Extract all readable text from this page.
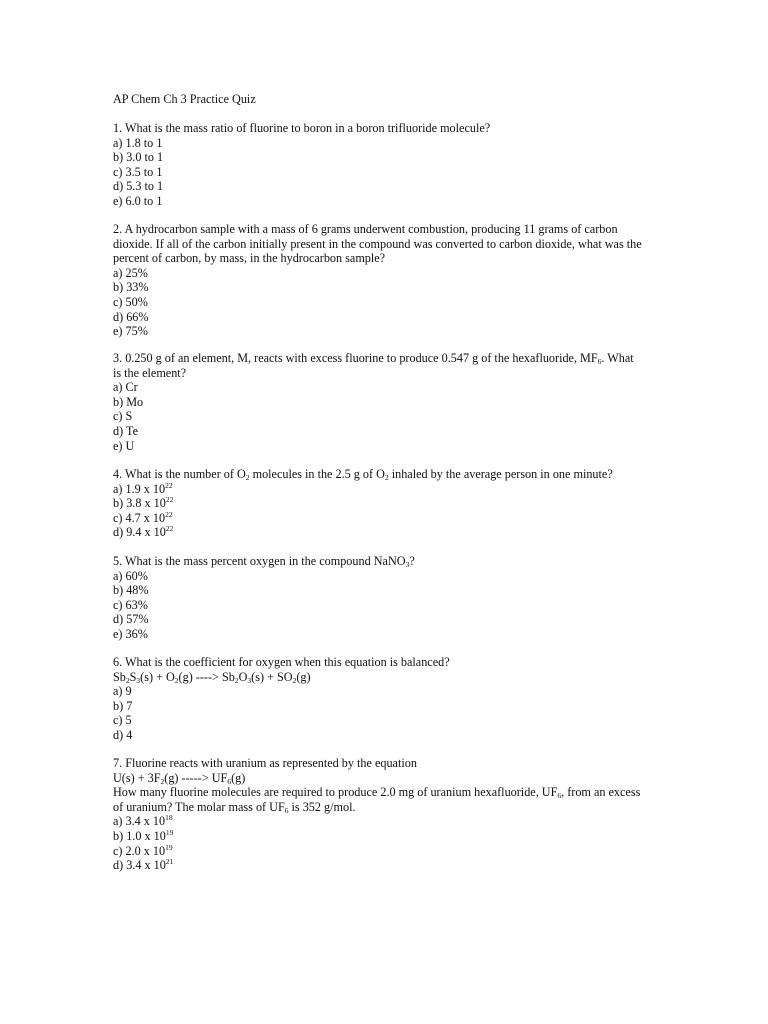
AP Chem Ch 3 Practice Quiz

1. What is the mass ratio of fluorine to boron in a boron trifluoride molecule?

a) 1.8 to 1
b) 3.0 to 1
c) 3.5 to 1
d) 5.3 to 1
e) 6.0 to 1

2. A hydrocarbon sample with a mass of 6 grams underwent combustion, producing 11 grams of carbon dioxide. If all of the carbon initially present in the compound was converted to carbon dioxide, what was the percent of carbon, by mass, in the hydrocarbon sample?

a) 25%
b) 33%
c) 50%
d) 66%
e) 75%

3. 0.250 g of an element, M, reacts with excess fluorine to produce 0.547 g of the hexafluoride, $MF_6$. What is the element?

a) Cr
b) Mo
c) S
d) Te
e) U

4. What is the number of $O_2$ molecules in the 2.5 g of $O_2$ inhaled by the average person in one minute?

a) 1.9 x $10^{22}$
b) 3.8 x $10^{22}$
c) 4.7 x $10^{22}$
d) 9.4 x $10^{22}$

5. What is the mass percent oxygen in the compound NaNO$_3$?

a) 60%
b) 48%
c) 63%
d) 57%
e) 36%

6. What is the coefficient for oxygen when this equation is balanced?

$Sb_2S_3(s) + O_2(g)$ ----> $Sb_2O_3(s) + SO_2(g)$

a) 9
b) 7
c) 5
d) 4

7. Fluorine reacts with uranium as represented by the equation

$U(s) + 3F_2(g)$ -----> $UF_6(g)$

How many fluorine molecules are required to produce 2.0 mg of uranium hexafluoride, $UF_6$, from an excess of uranium? The molar mass of $UF_6$ is 352 g/mol.

a) 3.4 x $10^{18}$
b) 1.0 x $10^{19}$
c) 2.0 x $10^{19}$
d) 3.4 x $10^{21}$
